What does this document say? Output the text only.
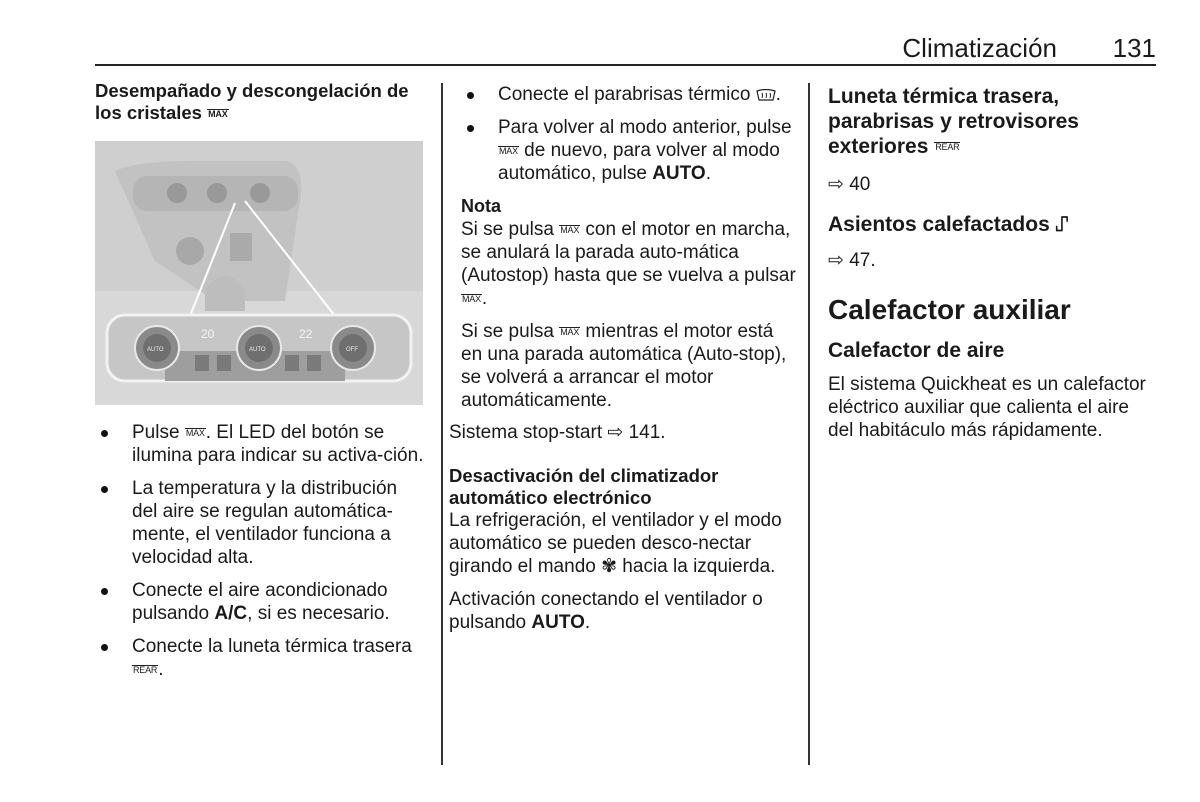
Climatización 131
Desempañado y descongelación de los cristales MAX
20	22
AUTO	AUTO	OFF
Pulse MAX. El LED del botón se ilumina para indicar su activa-ción.
La temperatura y la distribución del aire se regulan automática-mente, el ventilador funciona a velocidad alta.
Conecte el aire acondicionado pulsando A/C, si es necesario.
Conecte la luneta térmica trasera REAR.
Conecte el parabrisas térmico .
Para volver al modo anterior, pulse MAX de nuevo, para volver al modo automático, pulse AUTO.

Nota

Si se pulsa MAX con el motor en marcha, se anulará la parada auto-mática (Autostop) hasta que se vuelva a pulsar MAX.

Si se pulsa MAX mientras el motor está en una parada automática (Auto-stop), se volverá a arrancar el motor automáticamente.

Sistema stop-start ⇨ 141.

Desactivación del climatizador automático electrónico

La refrigeración, el ventilador y el modo automático se pueden desco-nectar girando el mando ✾ hacia la izquierda.

Activación conectando el ventilador o pulsando AUTO.

Luneta térmica trasera, parabrisas y retrovisores exteriores REAR

⇨ 40

Asientos calefactados ⑀

⇨ 47.

Calefactor auxiliar
Calefactor de aire

El sistema Quickheat es un calefactor eléctrico auxiliar que calienta el aire del habitáculo más rápidamente.
